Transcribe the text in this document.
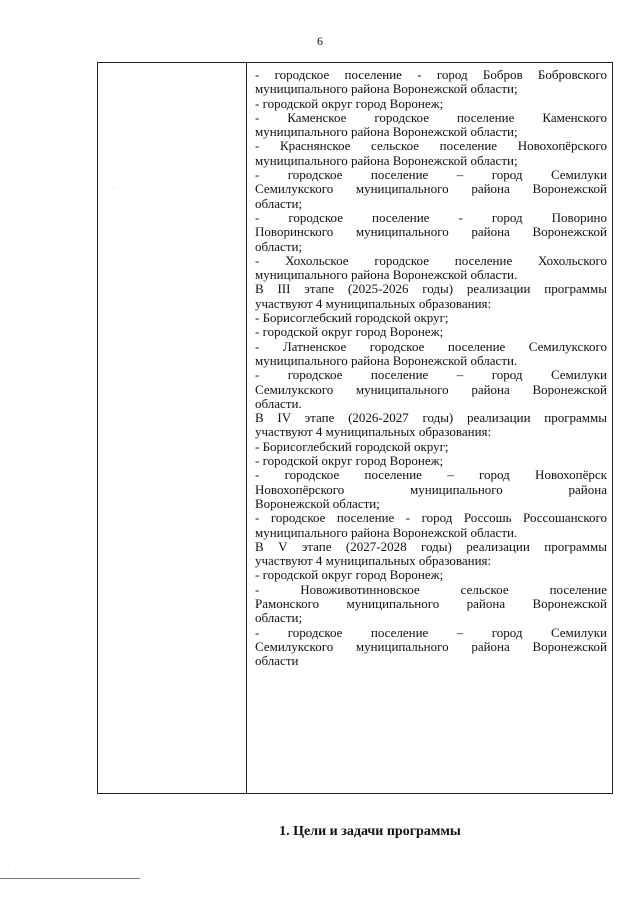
6
- городское поселение - город Бобров Бобровского
муниципального района Воронежской области;
- городской округ город Воронеж;
- Каменское городское поселение Каменского
муниципального района Воронежской области;
- Краснянское сельское поселение Новохопёрского
муниципального района Воронежской области;
- городское поселение – город Семилуки
Семилукского муниципального района Воронежской
области;
- городское поселение - город Поворино
Поворинского муниципального района Воронежской
области;
- Хохольское городское поселение Хохольского
муниципального района Воронежской области.
В III этапе (2025-2026 годы) реализации программы
участвуют 4 муниципальных образования:
- Борисоглебский городской округ;
- городской округ город Воронеж;
- Латненское городское поселение Семилукского
муниципального района Воронежской области.
- городское поселение – город Семилуки
Семилукского муниципального района Воронежской
области.
В IV этапе (2026-2027 годы) реализации программы
участвуют 4 муниципальных образования:
- Борисоглебский городской округ;
- городской округ город Воронеж;
- городское поселение – город Новохопёрск
Новохопёрского муниципального района
Воронежской области;
- городское поселение - город Россошь Россошанского
муниципального района Воронежской области.
В V этапе (2027-2028 годы) реализации программы
участвуют 4 муниципальных образования:
- городской округ город Воронеж;
- Новоживотинновское сельское поселение
Рамонского муниципального района Воронежской
области;
- городское поселение – город Семилуки
Семилукского муниципального района Воронежской
области
1. Цели и задачи программы
·
·
